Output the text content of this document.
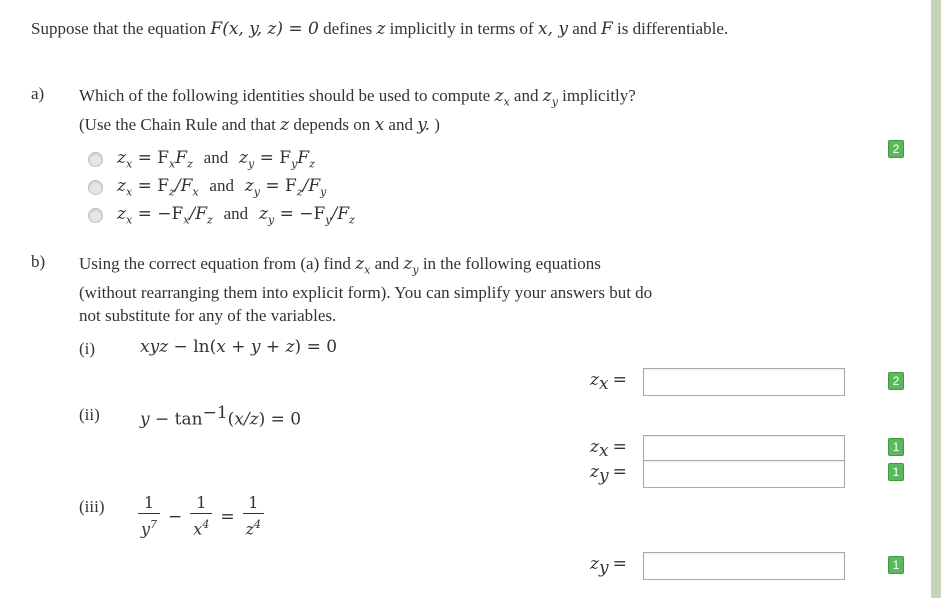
Suppose that the equation F(x, y, z) = 0 defines z implicitly in terms of x, y and F is differentiable.
a) Which of the following identities should be used to compute $z_x$ and $z_y$ implicitly?
(Use the Chain Rule and that z depends on x and y. )
2
$z_x = F_xF_z$ and $z_y = F_yF_z$
$z_x = F_z/F_x$ and $z_y = F_z/F_y$
$z_x = -F_x/F_z$ and $z_y = -F_y/F_z$
b) Using the correct equation from (a) find $z_x$ and $z_y$ in the following equations
(without rearranging them into explicit form). You can simplify your answers but do
not substitute for any of the variables.
(i)	xyz − ln(x + y + z) = 0
$z_x$ =	2
(ii) $y - \tan^{-1}(x/z) = 0$
$z_x$ =	1
$z_y$ =	1
$(iii) \frac{1}{y^7} - \frac{1}{x^4} = \frac{1}{z^4}$
$z_y$ =	1
